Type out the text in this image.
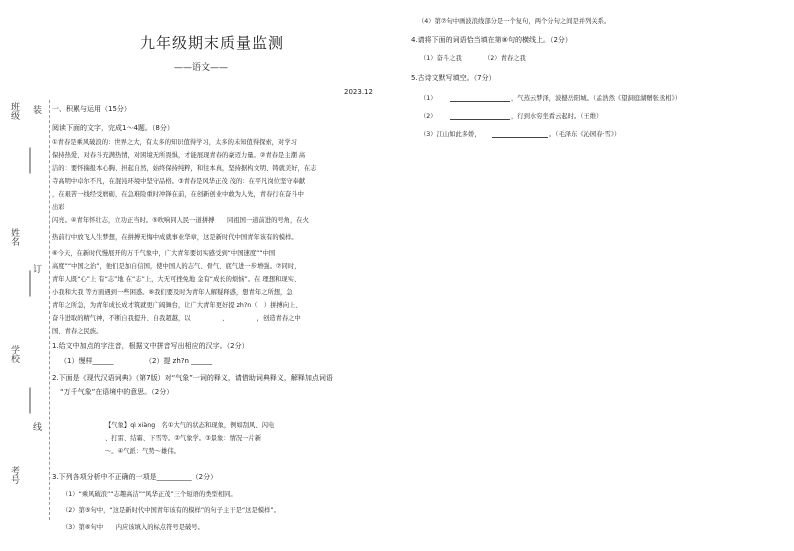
班级
姓名
学校
考号
装
订
线
九年级期末质量监测
——语文——
2023.12
一、积累与运用（15分）
阅读下面的文字，完成1～4题。（8分）
①青春是乘风破浪的：世界之大，有太多的知识值得学习，太多的未知值得探索，对学习
保持热爱、对春斗充满热情，对困境无所畏惧，才能展现青春的豪迈力量。②青春是主潮 高
洁的：要怀揣报本心胸、担起自然，始终保持纯粹，和往本真，坚持据构文明、铸就美好，在志
寺高明中卓尔不凡，在混沌环境中坚守品格。③青春是风华正茂 茂的：在平凡岗位坚守奉献
，在艰苦一线经受磨砺，在急难险重时冲锋在前，在创新创业中敢为人先，青春行在奋斗中
出彩
闪亮。④青年怀壮志，立功正当时。⑤吹响同人民一道拼搏　　同祖国一道前进的号角，在火
热前行中放飞人生梦想，在拼搏无悔中成就事业华章，这是新时代中国青年该有的模样。
⑥今天，在新时代慢展开的万千气象中，广大青年要切实感受到“中国速度”“中国
高度”“中国之治”，他们是加自信国，使中国人的志气、骨气、底气进一步增强。⑦同时，
青年人既“心”上 有“志”地 在“志”上，大无可挫免地 金有“成长的烦恼”。在 理想和现实、
小我和大我 等方面遇到一些困惑。⑧我们要及时为青年人解疑释惑，想青年之所想，急
青年之所急，为青年成长成才筑就更广阔舞台，让广大青年更好提 zh?n（　）拼搏向上、
奋斗进取的精气神，不断自我提升、自我超越，以　　　　　、　　　　　，创造青春之中
国、青春之民族。
1.给文中加点的字注音，根据文中拼音写出相应的汉字。（2分）
（1）慢样______	（2）提 zh?n ______
2.下面是《现代汉语词典》（第7版）对“气象”一词的释义，请借助词典释义，解释加点词语
“万千气象”在语境中的意思。（2分）
【气象】qì xiàng　名①大气的状态和现象，例如刮风、闪电
、打雷、结霜、下雪等。②气象学。③景象：情况一片新
～。④气派：气势～雄伟。
3.下列各项分析中不正确的一项是__________（2分）
（1）“乘风破浪”“志趣高洁”“风华正茂”三个短语的类型相同。
（2）第⑤句中，“这是新时代中国青年该有的模样”的句子主干是“这是模样”。
（3）第⑥句中　　内应该填入的标点符号是破号。
（4）第⑦句中画波浪线部分是一个复句，两个分句之间是并列关系。
4.请将下面的词语恰当填在第⑧句的横线上。（2分）
（1）奋斗之我	（2）青春之我
5.古诗文默写填空。（7分）
（1）	，气蒸云梦泽，波撼岳阳城。（孟浩然《望洞庭湖赠张丞相》）
（2）	，行到水穷坐看云起时。（王维）
（3）江山如此多娇，	。（毛泽东《沁园春·雪》）
